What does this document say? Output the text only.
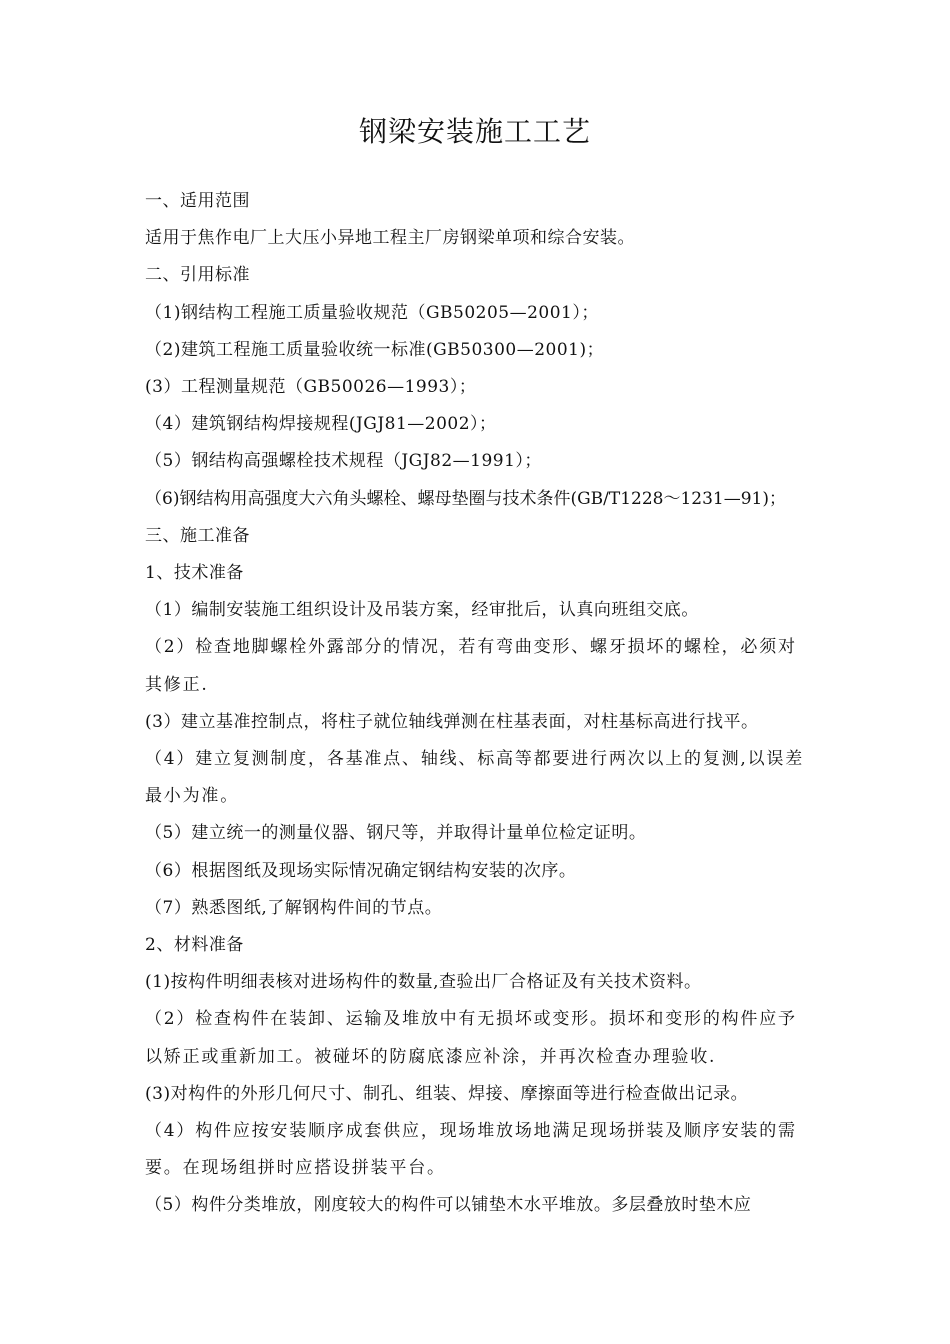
钢梁安装施工工艺

一、适用范围

适用于焦作电厂上大压小异地工程主厂房钢梁单项和综合安装。

二、引用标准

（1)钢结构工程施工质量验收规范（GB50205—2001）；

（2)建筑工程施工质量验收统一标准(GB50300—2001)；

(3）工程测量规范（GB50026—1993）；

（4）建筑钢结构焊接规程(JGJ81—2002）；

（5）钢结构高强螺栓技术规程（JGJ82—1991）；

（6)钢结构用高强度大六角头螺栓、螺母垫圈与技术条件(GB/T1228～1231—91)；

三、施工准备

1、技术准备

（1）编制安装施工组织设计及吊装方案，经审批后，认真向班组交底。

（2）检查地脚螺栓外露部分的情况，若有弯曲变形、螺牙损坏的螺栓，必须对其修正.

(3）建立基准控制点，将柱子就位轴线弹测在柱基表面，对柱基标高进行找平。

（4）建立复测制度，各基准点、轴线、标高等都要进行两次以上的复测,以误差最小为准。

（5）建立统一的测量仪器、钢尺等，并取得计量单位检定证明。

（6）根据图纸及现场实际情况确定钢结构安装的次序。

（7）熟悉图纸,了解钢构件间的节点。

2、材料准备

(1)按构件明细表核对进场构件的数量,查验出厂合格证及有关技术资料。

（2）检查构件在装卸、运输及堆放中有无损坏或变形。损坏和变形的构件应予以矫正或重新加工。被碰坏的防腐底漆应补涂，并再次检查办理验收.

(3)对构件的外形几何尺寸、制孔、组装、焊接、摩擦面等进行检查做出记录。

（4）构件应按安装顺序成套供应，现场堆放场地满足现场拼装及顺序安装的需要。在现场组拼时应搭设拼装平台。

（5）构件分类堆放，刚度较大的构件可以铺垫木水平堆放。多层叠放时垫木应
